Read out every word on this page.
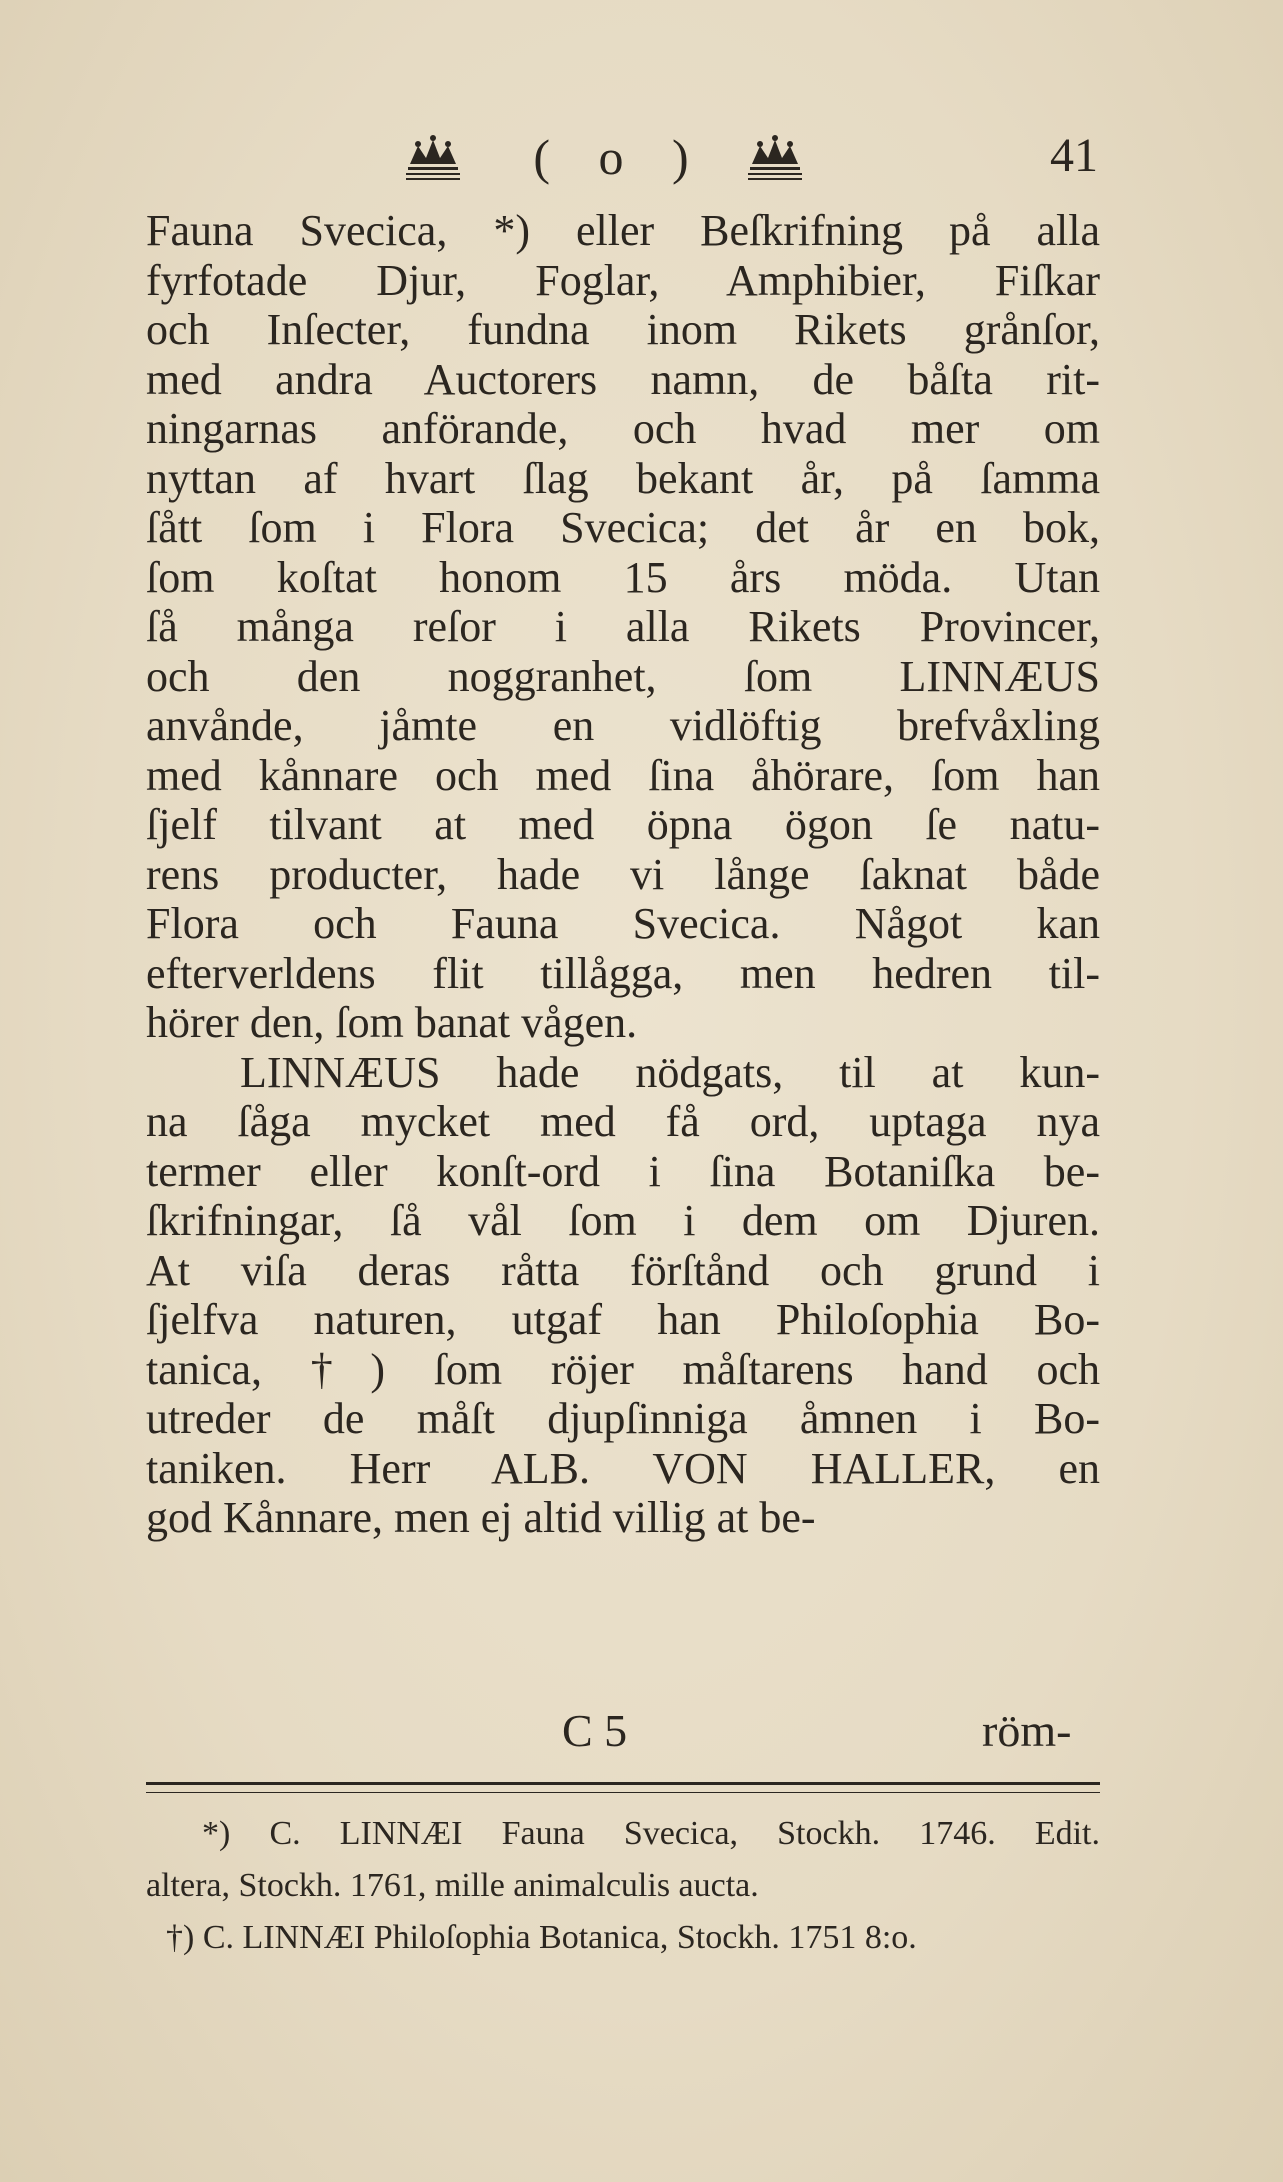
( o )	41
Fauna Svecica, *) eller Beſkrifning på alla
fyrfotade Djur, Foglar, Amphibier, Fiſkar
och Inſecter, fundna inom Rikets grånſor,
med andra Auctorers namn, de båſta rit-
ningarnas anförande, och hvad mer om
nyttan af hvart ſlag bekant år, på ſamma
ſått ſom i Flora Svecica; det år en bok,
ſom koſtat honom 15 års möda. Utan
ſå många reſor i alla Rikets Provincer,
och den noggranhet, ſom LINNÆUS
anvånde, jåmte en vidlöftig brefvåxling
med kånnare och med ſina åhörare, ſom han
ſjelf tilvant at med öpna ögon ſe natu-
rens producter, hade vi långe ſaknat både
Flora och Fauna Svecica. Något kan
efterverldens flit tillågga, men hedren til-
hörer den, ſom banat vågen.
LINNÆUS hade nödgats, til at kun-
na ſåga mycket med få ord, uptaga nya
termer eller konſt-ord i ſina Botaniſka be-
ſkrifningar, ſå vål ſom i dem om Djuren.
At viſa deras råtta förſtånd och grund i
ſjelfva naturen, utgaf han Philoſophia Bo-
tanica, †) ſom röjer måſtarens hand och
utreder de måſt djupſinniga åmnen i Bo-
taniken. Herr ALB. VON HALLER, en
god Kånnare, men ej altid villig at be-
C 5	röm-
*) C. LINNÆI Fauna Svecica, Stockh. 1746. Edit.
altera, Stockh. 1761, mille animalculis aucta.
†) C. LINNÆI Philoſophia Botanica, Stockh. 1751 8:o.
